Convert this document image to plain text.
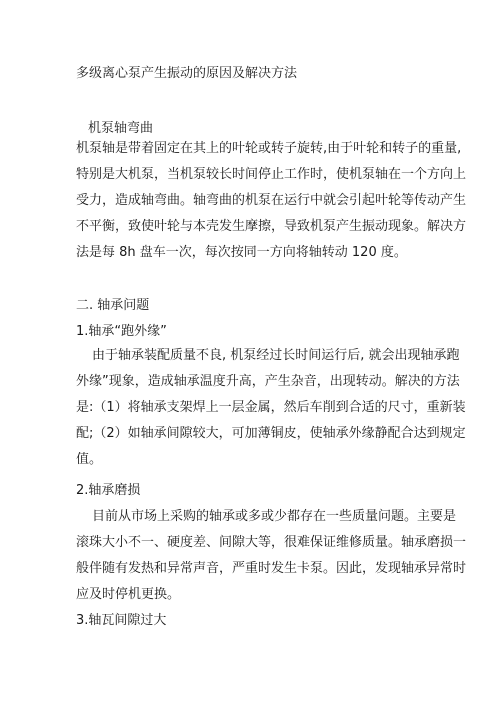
多级离心泵产生振动的原因及解决方法
机泵轴弯曲
机泵轴是带着固定在其上的叶轮或转子旋转,由于叶轮和转子的重量,
特别是大机泵，当机泵较长时间停止工作时，使机泵轴在一个方向上
受力，造成轴弯曲。轴弯曲的机泵在运行中就会引起叶轮等传动产生
不平衡，致使叶轮与本壳发生摩擦，导致机泵产生振动现象。解决方
法是每 8h 盘车一次，每次按同一方向将轴转动 120 度。
二. 轴承问题
1.轴承“跑外缘”
由于轴承装配质量不良, 机泵经过长时间运行后, 就会出现轴承跑
外缘”现象，造成轴承温度升高，产生杂音，出现转动。解决的方法
是:（1）将轴承支架焊上一层金属，然后车削到合适的尺寸，重新装
配;（2）如轴承间隙较大，可加薄铜皮，使轴承外缘静配合达到规定
值。
2.轴承磨损
目前从市场上采购的轴承或多或少都存在一些质量问题。主要是
滚珠大小不一、硬度差、间隙大等，很难保证维修质量。轴承磨损一
般伴随有发热和异常声音，严重时发生卡泵。因此，发现轴承异常时
应及时停机更换。
3.轴瓦间隙过大
